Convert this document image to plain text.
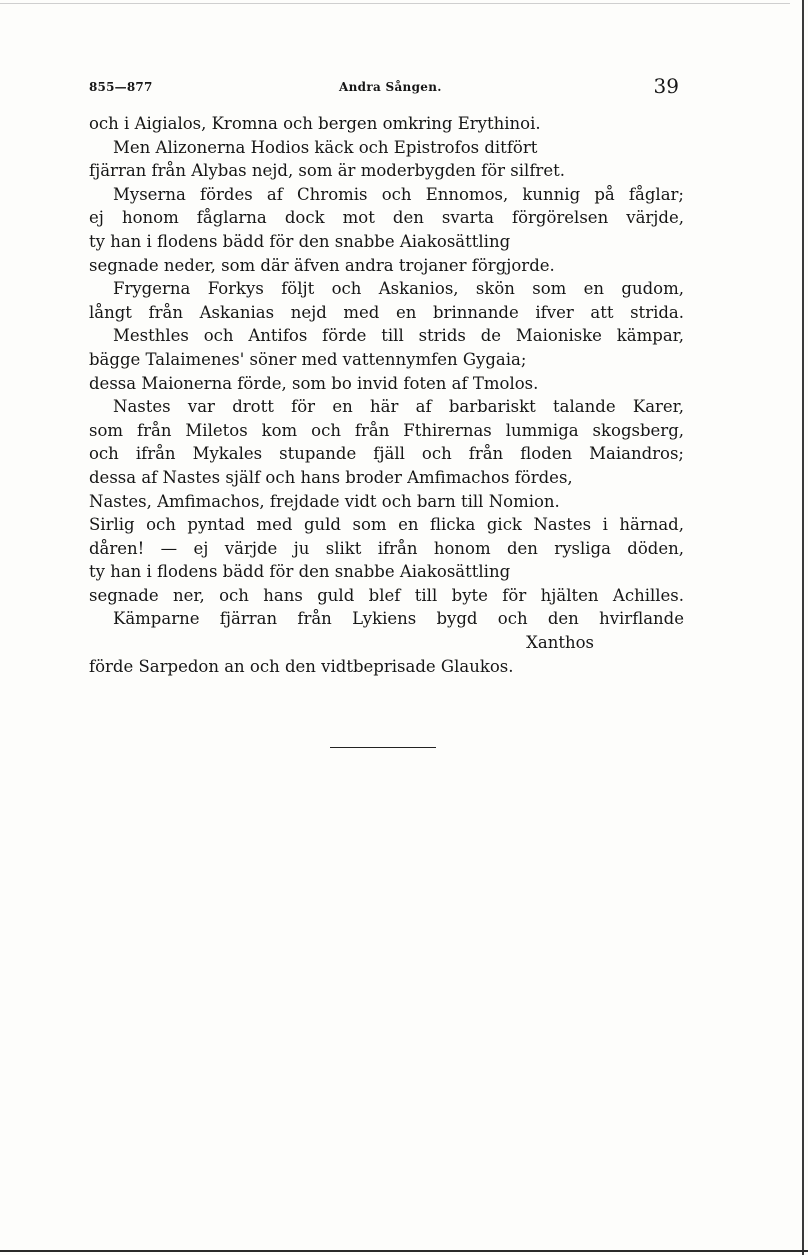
855—877	Andra Sången.	39
och i Aigialos, Kromna och bergen omkring Erythinoi.
Men Alizonerna Hodios käck och Epistrofos ditfört
fjärran från Alybas nejd, som är moderbygden för silfret.
Myserna fördes af Chromis och Ennomos, kunnig på fåglar;
ej honom fåglarna dock mot den svarta förgörelsen värjde,
ty han i flodens bädd för den snabbe Aiakosättling
segnade neder, som där äfven andra trojaner förgjorde.
Frygerna Forkys följt och Askanios, skön som en gudom,
långt från Askanias nejd med en brinnande ifver att strida.
Mesthles och Antifos förde till strids de Maioniske kämpar,
bägge Talaimenes' söner med vattennymfen Gygaia;
dessa Maionerna förde, som bo invid foten af Tmolos.
Nastes var drott för en här af barbariskt talande Karer,
som från Miletos kom och från Fthirernas lummiga skogsberg,
och ifrån Mykales stupande fjäll och från floden Maiandros;
dessa af Nastes själf och hans broder Amfimachos fördes,
Nastes, Amfimachos, frejdade vidt och barn till Nomion.
Sirlig och pyntad med guld som en flicka gick Nastes i härnad,
dåren! — ej värjde ju slikt ifrån honom den rysliga döden,
ty han i flodens bädd för den snabbe Aiakosättling
segnade ner, och hans guld blef till byte för hjälten Achilles.
Kämparne fjärran från Lykiens bygd och den hvirflande
Xanthos
förde Sarpedon an och den vidtbeprisade Glaukos.
